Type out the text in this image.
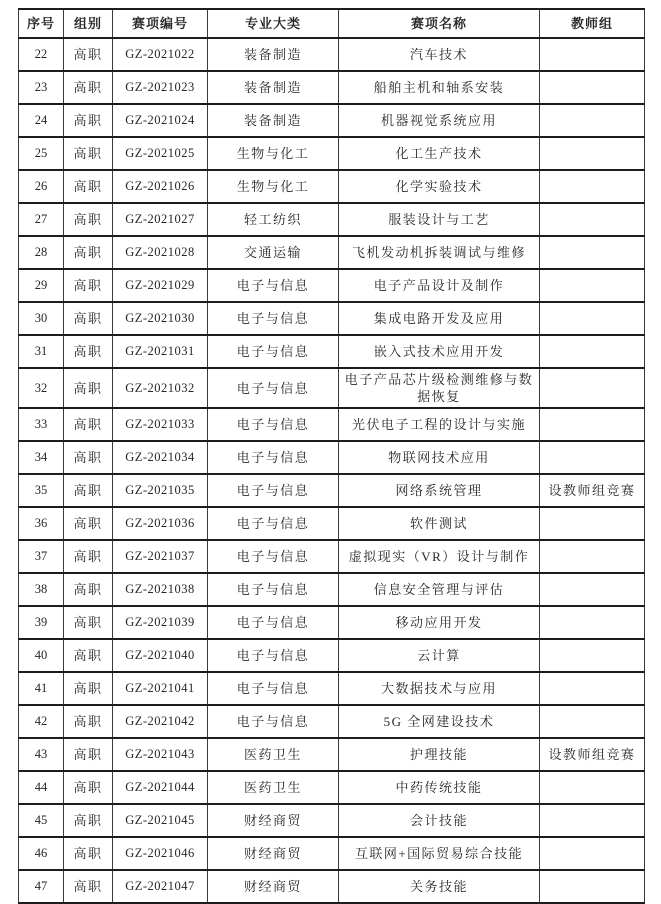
序号	组别	赛项编号	专业大类	赛项名称	教师组
22	高职	GZ-2021022	装备制造	汽车技术	
23	高职	GZ-2021023	装备制造	船舶主机和轴系安装	
24	高职	GZ-2021024	装备制造	机器视觉系统应用	
25	高职	GZ-2021025	生物与化工	化工生产技术	
26	高职	GZ-2021026	生物与化工	化学实验技术	
27	高职	GZ-2021027	轻工纺织	服装设计与工艺	
28	高职	GZ-2021028	交通运输	飞机发动机拆装调试与维修	
29	高职	GZ-2021029	电子与信息	电子产品设计及制作	
30	高职	GZ-2021030	电子与信息	集成电路开发及应用	
31	高职	GZ-2021031	电子与信息	嵌入式技术应用开发	
32	高职	GZ-2021032	电子与信息	电子产品芯片级检测维修与数据恢复	
33	高职	GZ-2021033	电子与信息	光伏电子工程的设计与实施	
34	高职	GZ-2021034	电子与信息	物联网技术应用	
35	高职	GZ-2021035	电子与信息	网络系统管理	设教师组竞赛
36	高职	GZ-2021036	电子与信息	软件测试	
37	高职	GZ-2021037	电子与信息	虚拟现实（VR）设计与制作	
38	高职	GZ-2021038	电子与信息	信息安全管理与评估	
39	高职	GZ-2021039	电子与信息	移动应用开发	
40	高职	GZ-2021040	电子与信息	云计算	
41	高职	GZ-2021041	电子与信息	大数据技术与应用	
42	高职	GZ-2021042	电子与信息	5G 全网建设技术	
43	高职	GZ-2021043	医药卫生	护理技能	设教师组竞赛
44	高职	GZ-2021044	医药卫生	中药传统技能	
45	高职	GZ-2021045	财经商贸	会计技能	
46	高职	GZ-2021046	财经商贸	互联网+国际贸易综合技能	
47	高职	GZ-2021047	财经商贸	关务技能	
